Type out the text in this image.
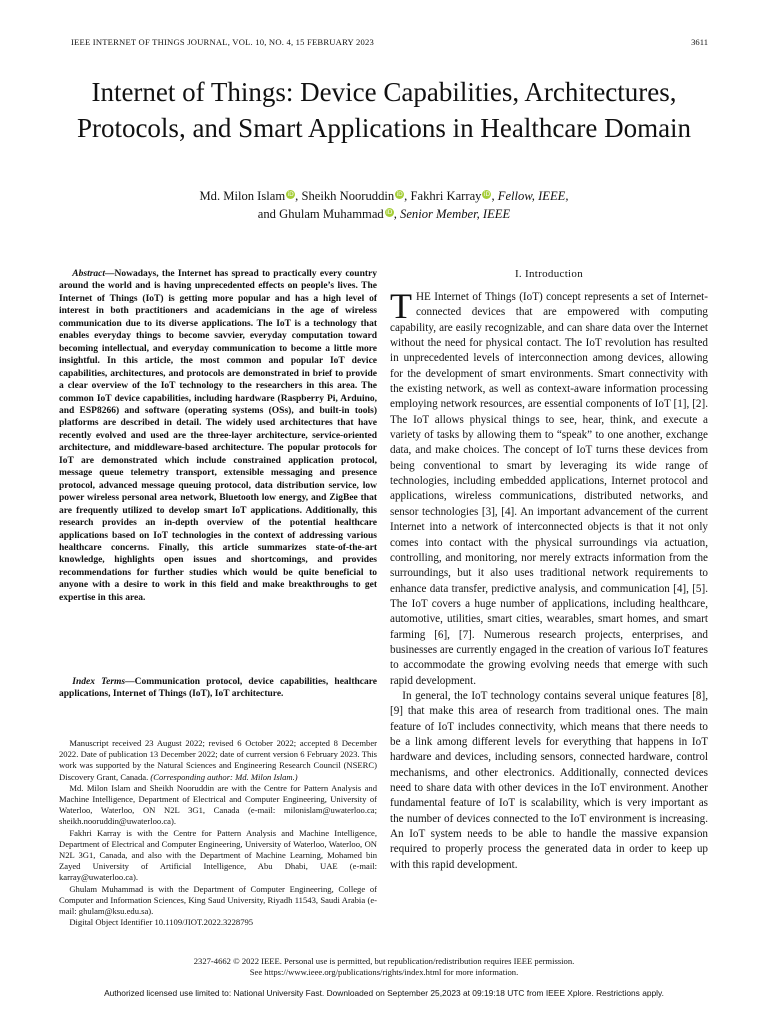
IEEE INTERNET OF THINGS JOURNAL, VOL. 10, NO. 4, 15 FEBRUARY 2023	3611
Internet of Things: Device Capabilities, Architectures, Protocols, and Smart Applications in Healthcare Domain
Md. Milon Islam iD, Sheikh Nooruddin iD, Fakhri Karray iD, Fellow, IEEE,
and Ghulam Muhammad iD, Senior Member, IEEE
Abstract—Nowadays, the Internet has spread to practically every country around the world and is having unprecedented effects on people’s lives. The Internet of Things (IoT) is getting more popular and has a high level of interest in both practitioners and academicians in the age of wireless communication due to its diverse applications. The IoT is a technology that enables everyday things to become savvier, everyday computation toward becoming intellectual, and everyday communication to become a little more insightful. In this article, the most common and popular IoT device capabilities, architectures, and protocols are demonstrated in brief to provide a clear overview of the IoT technology to the researchers in this area. The common IoT device capabilities, including hardware (Raspberry Pi, Arduino, and ESP8266) and software (operating systems (OSs), and built-in tools) platforms are described in detail. The widely used architectures that have recently evolved and used are the three-layer architecture, service-oriented architecture, and middleware-based architecture. The popular protocols for IoT are demonstrated which include constrained application protocol, message queue telemetry transport, extensible messaging and presence protocol, advanced message queuing protocol, data distribution service, low power wireless personal area network, Bluetooth low energy, and ZigBee that are frequently utilized to develop smart IoT applications. Additionally, this research provides an in-depth overview of the potential healthcare applications based on IoT technologies in the context of addressing various healthcare concerns. Finally, this article summarizes state-of-the-art knowledge, highlights open issues and shortcomings, and provides recommendations for further studies which would be quite beneficial to anyone with a desire to work in this field and make breakthroughs to get expertise in this area.
Index Terms—Communication protocol, device capabilities, healthcare applications, Internet of Things (IoT), IoT architecture.

Manuscript received 23 August 2022; revised 6 October 2022; accepted 8 December 2022. Date of publication 13 December 2022; date of current version 6 February 2023. This work was supported by the Natural Sciences and Engineering Research Council (NSERC) Discovery Grant, Canada. (Corresponding author: Md. Milon Islam.)

Md. Milon Islam and Sheikh Nooruddin are with the Centre for Pattern Analysis and Machine Intelligence, Department of Electrical and Computer Engineering, University of Waterloo, Waterloo, ON N2L 3G1, Canada (e-mail: milonislam@uwaterloo.ca; sheikh.nooruddin@uwaterloo.ca).

Fakhri Karray is with the Centre for Pattern Analysis and Machine Intelligence, Department of Electrical and Computer Engineering, University of Waterloo, Waterloo, ON N2L 3G1, Canada, and also with the Department of Machine Learning, Mohamed bin Zayed University of Artificial Intelligence, Abu Dhabi, UAE (e-mail: karray@uwaterloo.ca).

Ghulam Muhammad is with the Department of Computer Engineering, College of Computer and Information Sciences, King Saud University, Riyadh 11543, Saudi Arabia (e-mail: ghulam@ksu.edu.sa).

Digital Object Identifier 10.1109/JIOT.2022.3228795

I. Introduction

THE Internet of Things (IoT) concept represents a set of Internet-connected devices that are empowered with computing capability, are easily recognizable, and can share data over the Internet without the need for physical contact. The IoT revolution has resulted in unprecedented levels of interconnection among devices, allowing for the development of smart environments. Smart connectivity with the existing network, as well as context-aware information processing employing network resources, are essential components of IoT [1], [2]. The IoT allows physical things to see, hear, think, and execute a variety of tasks by allowing them to “speak” to one another, exchange data, and make choices. The concept of IoT turns these devices from being conventional to smart by leveraging its wide range of technologies, including embedded applications, Internet protocol and applications, wireless communications, distributed networks, and sensor technologies [3], [4]. An important advancement of the current Internet into a network of interconnected objects is that it not only comes into contact with the physical surroundings via actuation, controlling, and monitoring, nor merely extracts information from the surroundings, but it also uses traditional network requirements to enhance data transfer, predictive analysis, and communication [4], [5]. The IoT covers a huge number of applications, including healthcare, automotive, utilities, smart cities, wearables, smart homes, and smart farming [6], [7]. Numerous research projects, enterprises, and businesses are currently engaged in the creation of various IoT features to accommodate the growing evolving needs that emerge with such rapid development.

In general, the IoT technology contains several unique features [8], [9] that make this area of research from traditional ones. The main feature of IoT includes connectivity, which means that there needs to be a link among different levels for everything that happens in IoT hardware and devices, including sensors, connected hardware, control mechanisms, and other electronics. Additionally, connected devices need to share data with other devices in the IoT environment. Another fundamental feature of IoT is scalability, which is very important as the number of devices connected to the IoT environment is increasing. An IoT system needs to be able to handle the massive expansion required to properly process the generated data in order to keep up with this rapid development.

2327-4662 © 2022 IEEE. Personal use is permitted, but republication/redistribution requires IEEE permission.
See https://www.ieee.org/publications/rights/index.html for more information.
Authorized licensed use limited to: National University Fast. Downloaded on September 25,2023 at 09:19:18 UTC from IEEE Xplore. Restrictions apply.
